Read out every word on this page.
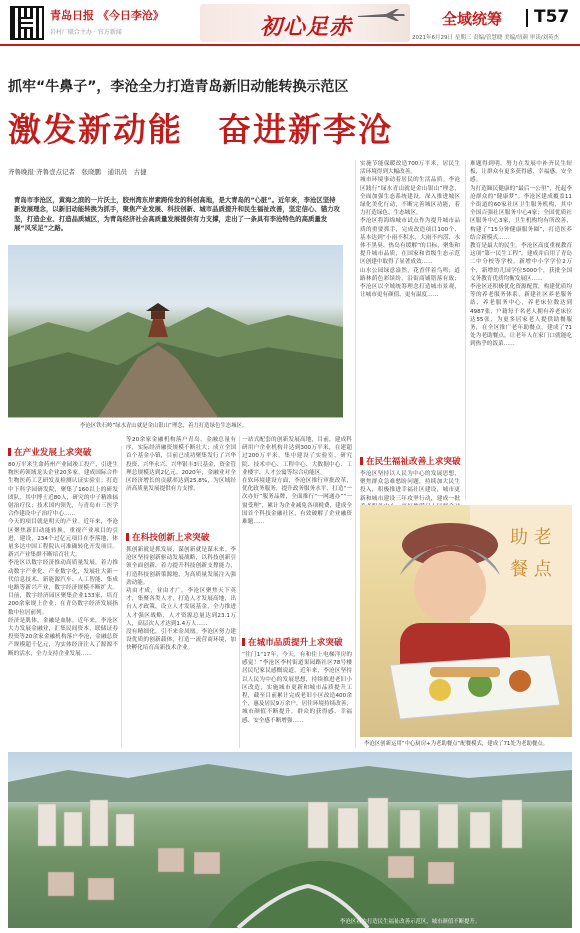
青岛日报 《今日李沧》
岩村厂联合主办 · 官方新闻	初心足赤	全域统筹 T57
2021年6月29日 星期三 责编/管慧晓 美编/纽颜 审读/刘英杰
抓牢“牛鼻子”，李沧全力打造青岛新旧动能转换示范区
激发新动能　奋进新李沧
齐鲁晚报·齐鲁壹点记者　张晓鹏　通讯员　古捷
青岛市李沧区，黄海之滨的一片沃土，胶州湾东岸素跨传发的科创高地，是大青岛的“心脏”。近年来，李沧区坚持新发展理念，以新旧动能转换为抓手，聚焦产业发展、科技创新、城市品质提升和民生福祉改善，坚定信心、锚力攻坚，打造企业、打造品质城区，为青岛经济社会高质量发展提供有力支撑，走出了一条具有李沧特色的高质量发展“风采足”之路。
李沧区铁石岭”绿水青山就是金山银山”理念，着力打造绿色生态城区。
在产业发展上求突破
在科技创新上求突破
在城市品质提升上求突破
在民生福祉改善上求突破

80万平米生命药州产业园竣工投产，引进生物医药领域龙头企业20多家，建成国际合作生物医药工艺研发及检测认证实验室；打造中下科学园研发院，聚集了160以上的研发团队，其中博士近80人，研究的中子精准辐射治疗仪；技术国内领先，与青岛市三医学合作建设中子治疗中心……

今天的项目就是明天的产业。近年来，李沧区聚焦新旧动能转换，重视产业项目的引进，建设，234个过亿元项目在李落地，体量多达中国工程院认可准确转化开发项目。新兴产业集群不断培育壮大。
李沧区以数字经济推动高质量发展，着力推动数字产业化、产业数字化，发展壮大新一代信息技术、新能源汽车、人工智能、集成电路等新兴产业，数字经济规模不断扩大。目前，数字经济园区聚集企业133家，培育200余家规上企业；在青岛数字经济发展指数中位居前列。
经济是肌体，金融是血脉。近年来，李沧区大力发展金融业，汇集民间资本，联储证券投资等20余家金融机构落户李沧，金融总资产规模超千亿元，为实体经济注入了源源不断的活水，全力支持企业发展……

等20余家金融机构落户青岛，金融总量有序，实际经济融资规模不断壮大；成立全国首个基金小镇，目前已成功聚集发行了兴华投资、兴华永兴、兴华银丰3只基金，资金管理总规模达到2亿元。2020年，金融业对全区经济增长的贡献率达到25.8%，为区域经济高质量发展提供有力支撑。

抓创新就是抓发展，谋创新就是谋未来。李沧区坚持创新驱动发展战略，以科技创新引领全面创新，着力提升科技创新支撑能力，打造科技创新策源地，为高质量发展注入强劲动能。
功由才成，业由才广。李沧区聚焦天下英才，集聚各类人才，打造人才发展高地，出台人才政策，设立人才发展基金，全力推进人才强区战略，人才资源总量达到23.1万人，高层次人才达到1.4万人……
没有精细化，引不来金凤凰。李沧区努力建设优质的创新载体，打造一流营商环境，加快孵化培育高新技术企业。

一站式配套的创新发展高地，目前，建成科研用户企业机构并达到300万平米，在建超过200万平米。集中建设了实验室、研究院、技术中心、工程中心、大数据中心、工业楼宇、人才公寓等综合功能区。
在软环境建设方面，李沧区推行审批改革，优化政务服务，提升政务服务水平，打造“一次办好”服务品牌，全面推行“一网通办”“一窗受理”，累计为企业减免各项税费，建成全国首个科技金融社区，有效破解了企业融资难题……

“往门1”17年，今天，有和住上电梯洋房的感觉！”李沧区李村街道果园路社区78号楼居民纪家民感慨说道。近年来，李沧区坚持以人民为中心的发展思想，持续推进老旧小区改造，实施城市更新和城市品质提升工程，截至目前累计完成老旧小区改造400余个，惠及居民9万余户，居住环境持续改善，城市颜值不断提升，群众的获得感、幸福感、安全感不断增强……

实施节能保暖改造700万平米，居民生活环境得到大幅改善。
城市环境事动着居民的生活品质。李沧区践行“绿水青山就是金山银山”理念，全面加强生态系统建设，深入推进城区绿化美化行动，不断完善城区功能，着力打造绿色、生态城区。
李沧区将海绵城市试点作为提升城市品质的重要抓手，完成改造项目100个、基本达到“小雨不积水、大雨不内涝、水体不黑臭、热岛有缓解”的目标，聚集和提升城市品质，在国家和省级生态示范区创建中取得了显著成效……
山水公园绿意盎然，花香伴着鸟鸣；道路林荫色彩缤纷，沿街商铺错落有致；李沧区以全域统筹理念打造城市景观，让城市更有颜值、更有温度……

李沧区坚持以人民为中心的发展思想，聚焦群众急难愁盼问题，持续加大民生投入，积极推进幸福社区建设，城市更新和城市建设三年攻坚行动，建成一批

难题得到明，努力在发展中补齐民生短板，让群众有更多获得感、幸福感、安全感。
为打造颐民健康的“最后一公里”，托起李沧群众的“健康梦”。李沧区建成覆盖11个街道的60家社区卫生服务机构，其中全国百强社区服务中心4家；全国优质社区服务中心3家，卫生机构均有所改善，构建了“15分钟健康服务圈”，打造医养结合新模式……
教育是最大的民生。李沧区高度重视教育这项“第一民生工程”，建成并启用了青岛二中分校等学校，新增中小学学位2万个，新增幼儿园学位5000个，获批全国义务教育优质均衡发展区……
李沧区还积极优化资源配置，构建优质均等的养老服务体系，新建社区养老服务站、养老服务中心，养老床位数达到4987张，户籍每千名老人拥有养老床位达55张，为更多居家老人提供助餐服务，在全区推广老年助餐点，建成了71处为老助餐点，让老年人在家门口就能吃到热乎的饭菜……

助 老
餐 点
李沧区创新运用“中心厨房+为老助餐点”配餐模式，建成了71处为老助餐点。
李沧区着力打造民生福祉改善示范区，城市颜值不断提升。
